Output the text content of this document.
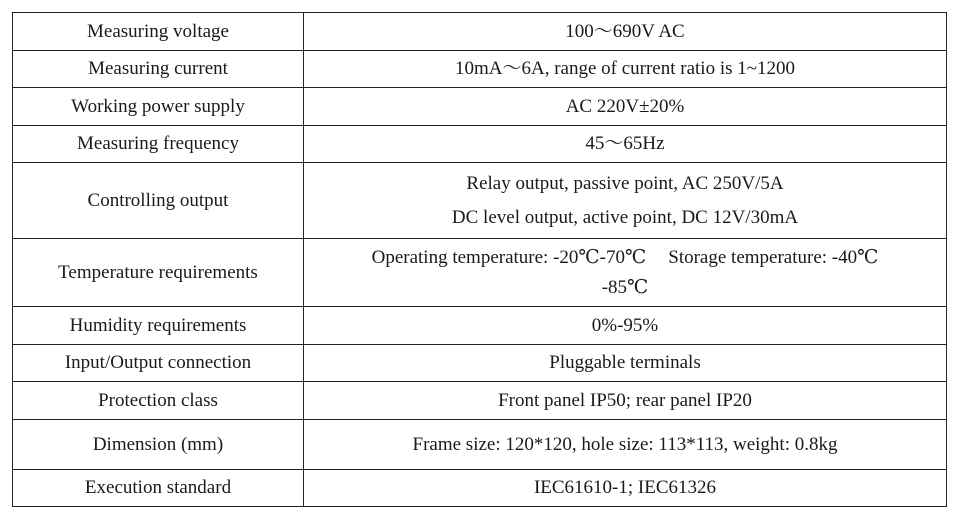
Measuring voltage	100～690V AC
Measuring current	10mA～6A, range of current ratio is 1~1200
Working power supply	AC 220V±20%
Measuring frequency	45～65Hz
Controlling output	Relay output, passive point, AC 250V/5A
DC level output, active point, DC 12V/30mA

Temperature requirements	Operating temperature: -20℃-70℃ Storage temperature: -40℃
-85℃

Humidity requirements	0%-95%
Input/Output connection	Pluggable terminals
Protection class	Front panel IP50; rear panel IP20
Dimension (mm)	Frame size: 120*120, hole size: 113*113, weight: 0.8kg
Execution standard	IEC61610-1; IEC61326
